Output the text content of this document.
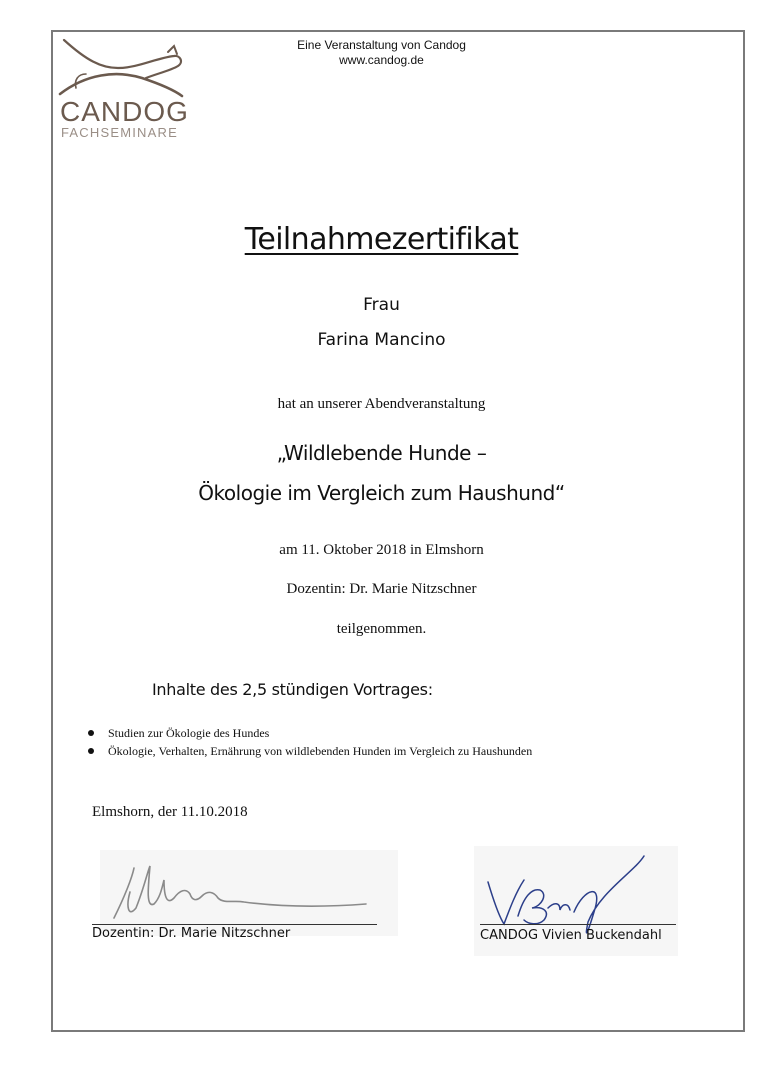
CANDOG
FACHSEMINARE
Eine Veranstaltung von Candog
www.candog.de
Teilnahmezertifikat
Frau
Farina Mancino
hat an unserer Abendveranstaltung
„Wildlebende Hunde –
Ökologie im Vergleich zum Haushund“
am 11. Oktober 2018 in Elmshorn
Dozentin: Dr. Marie Nitzschner
teilgenommen.
Inhalte des 2,5 stündigen Vortrages:
Studien zur Ökologie des Hundes
Ökologie, Verhalten, Ernährung von wildlebenden Hunden im Vergleich zu Haushunden
Elmshorn, der 11.10.2018
Dozentin: Dr. Marie Nitzschner	CANDOG Vivien Buckendahl
